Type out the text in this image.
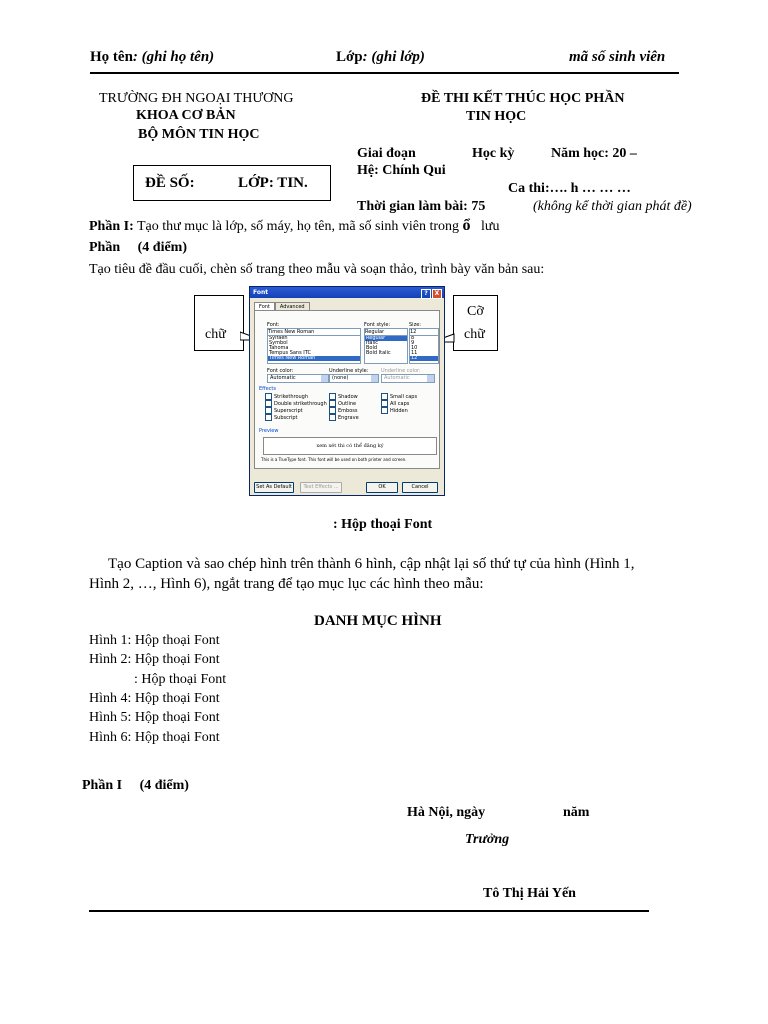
Họ tên: (ghi họ tên)	Lớp: (ghi lớp)	mã số sinh viên
TRƯỜNG ĐH NGOẠI THƯƠNG
KHOA CƠ BẢN
BỘ MÔN TIN HỌC
ĐỀ THI KẾT THÚC HỌC PHẦN
TIN HỌC
Giai đoạn	Học kỳ	Năm học: 20 –
Hệ: Chính Qui
Ca thi:…. h … … …
Thời gian làm bài: 75	(không kể thời gian phát đề)
ĐỀ SỐ:	LỚP: TIN.
Phần I: Tạo thư mục là lớp, số máy, họ tên, mã số sinh viên trong ổ lưu
Phần (4 điểm)
Tạo tiêu đề đầu cuối, chèn số trang theo mẫu và soạn thảo, trình bày văn bản sau:
chữ
Cỡ
chữ
Font	? X
Font Advanced
Font:
Times New Roman
Sylfaen
Symbol
Tahoma
Tempus Sans ITC
Times New Roman
Font style:
Regular
Regular
Italic
Bold
Bold Italic
Size:
12
8
9
10
11
12
Font color:
Automatic
Underline style:
(none)
Underline color:
Automatic
Effects
Strikethrough
Double strikethrough
Superscript
Subscript
Shadow
Outline
Emboss
Engrave
Small caps
All caps
Hidden
Preview
xem xét thi có thể đăng ký
This is a TrueType font. This font will be used on both printer and screen.
Set As Default	Text Effects ...	OK	Cancel
: Hộp thoại Font
Tạo Caption và sao chép hình trên thành 6 hình, cập nhật lại số thứ tự của hình (Hình 1,
Hình 2, …, Hình 6), ngắt trang để tạo mục lục các hình theo mẫu:
DANH MỤC HÌNH
Hình 1: Hộp thoại Font
Hình 2: Hộp thoại Font
: Hộp thoại Font
Hình 4: Hộp thoại Font
Hình 5: Hộp thoại Font
Hình 6: Hộp thoại Font
Phần I (4 điểm)
Hà Nội, ngày	năm
Trưởng
Tô Thị Hải Yến
